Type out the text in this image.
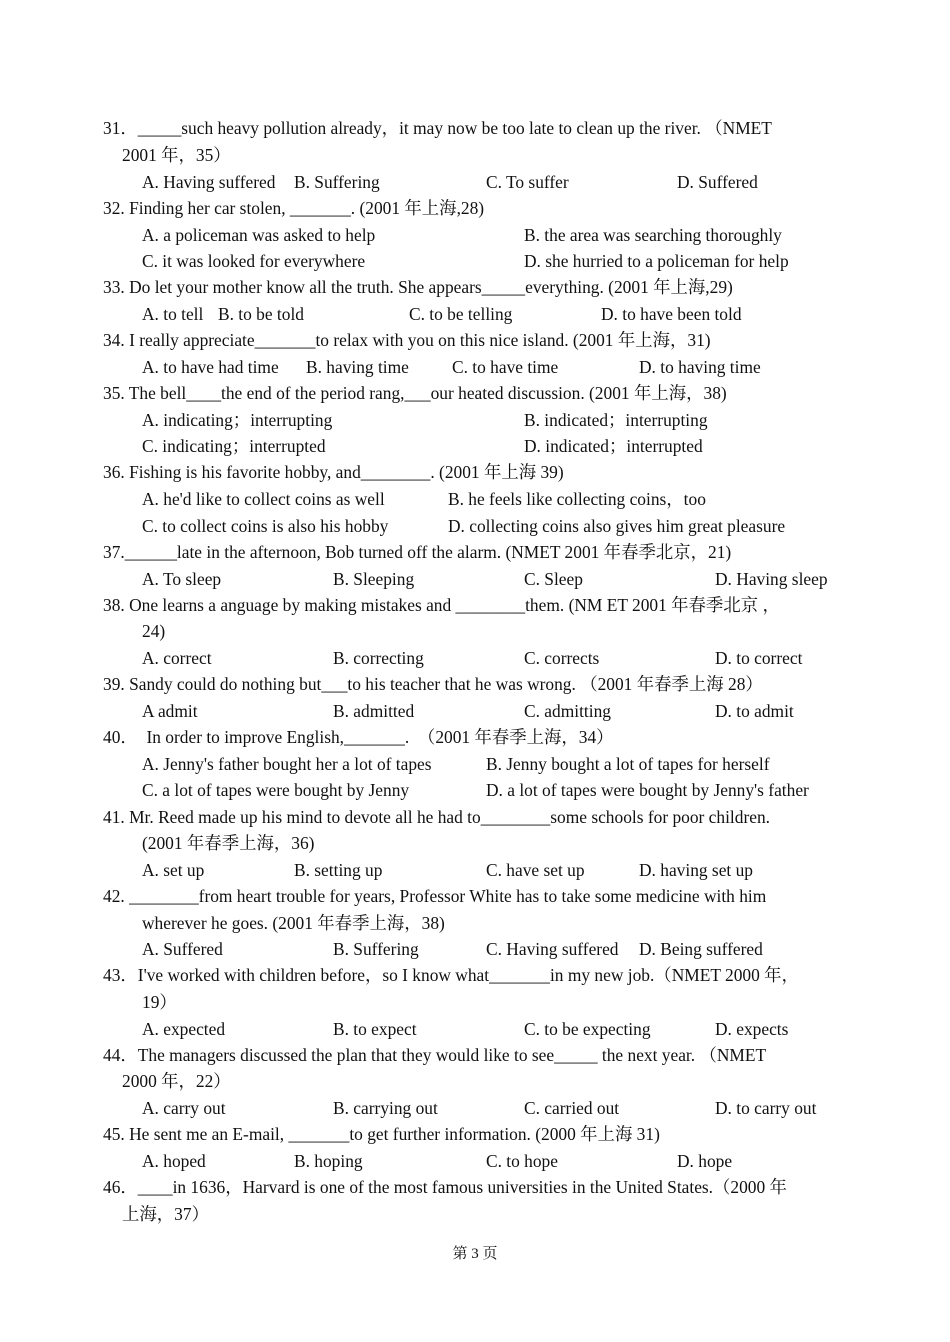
31．_____such heavy pollution already，it may now be too late to clean up the river. （NMET
2001 年，35）
A. Having suffered B. Suffering	C. To suffer	D. Suffered
32. Finding her car stolen, _______. (2001 年上海,28)
A. a policeman was asked to help	B. the area was searching thoroughly
C. it was looked for everywhere	D. she hurried to a policeman for help
33. Do let your mother know all the truth. She appears_____everything. (2001 年上海,29)
A. to tell B. to be told	C. to be telling	D. to have been told
34. I really appreciate_______to relax with you on this nice island. (2001 年上海，31)
A. to have had time B. having time C. to have time	D. to having time
35. The bell____the end of the period rang,___our heated discussion. (2001 年上海，38)
A. indicating；interrupting	B. indicated；interrupting
C. indicating；interrupted	D. indicated；interrupted
36. Fishing is his favorite hobby, and________. (2001 年上海 39)
A. he'd like to collect coins as well	B. he feels like collecting coins，too
C. to collect coins is also his hobby	D. collecting coins also gives him great pleasure
37.______late in the afternoon, Bob turned off the alarm. (NMET 2001 年春季北京，21)
A. To sleep	B. Sleeping	C. Sleep	D. Having sleep
38. One learns a anguage by making mistakes and ________them. (NM ET 2001 年春季北京 ，
24)
A. correct	B. correcting	C. corrects	D. to correct
39. Sandy could do nothing but___to his teacher that he was wrong. （2001 年春季上海 28）
A admit	B. admitted	C. admitting	D. to admit
40．  In order to improve English,_______.  （2001 年春季上海，34）
A. Jenny's father bought her a lot of tapes	B. Jenny bought a lot of tapes for herself
C. a lot of tapes were bought by Jenny	D. a lot of tapes were bought by Jenny's father
41. Mr. Reed made up his mind to devote all he had to________some schools for poor children.
(2001 年春季上海，36)
A. set up	B. setting up	C. have set up	D. having set up
42. ________from heart trouble for years, Professor White has to take some medicine with him
wherever he goes. (2001 年春季上海，38)
A. Suffered	B. Suffering	C. Having suffered D. Being suffered
43．I've worked with children before，so I know what_______in my new job.（NMET 2000 年，
19）
A. expected	B. to expect	C. to be expecting	D. expects
44．The managers discussed the plan that they would like to see_____ the next year. （NMET
2000 年，22）
A. carry out	B. carrying out	C. carried out	D. to carry out
45. He sent me an E-mail, _______to get further information. (2000 年上海 31)
A. hoped	B. hoping	C. to hope	D. hope
46．____in 1636，Harvard is one of the most famous universities in the United States.（2000 年
上海，37）
第 3 页
